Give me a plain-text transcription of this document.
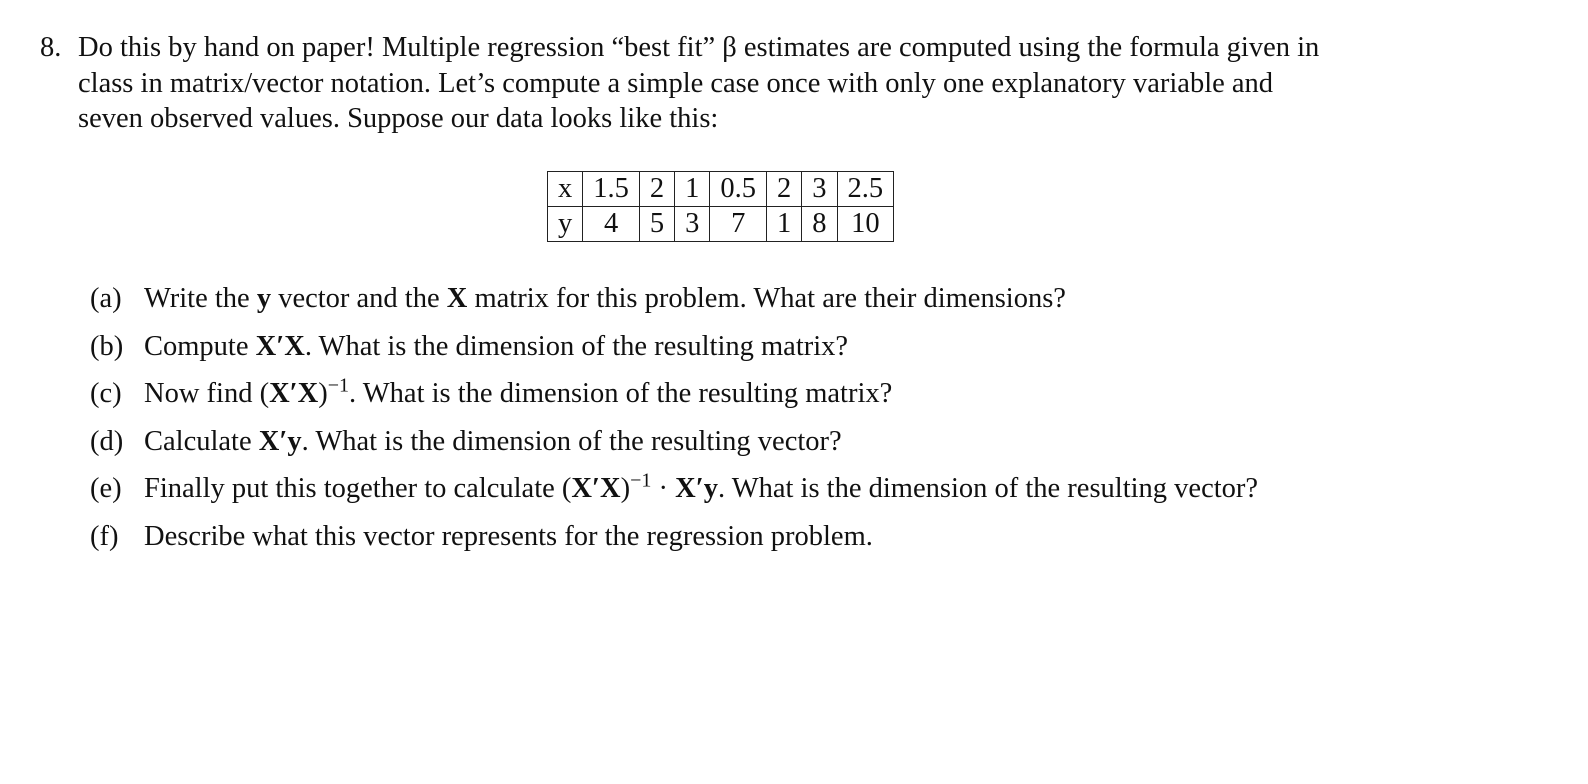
8. Do this by hand on paper! Multiple regression “best fit” β estimates are computed using the formula given in
class in matrix/vector notation. Let’s compute a simple case once with only one explanatory variable and
seven observed values. Suppose our data looks like this:
x	1.5	2	1	0.5	2	3	2.5
y	4	5	3	7	1	8	10
(a) Write the y vector and the X matrix for this problem. What are their dimensions?
(b) Compute X′X. What is the dimension of the resulting matrix?
(c) Now find $(X'X)^{-1}$. What is the dimension of the resulting matrix?
(d) Calculate X′y. What is the dimension of the resulting vector?
(e) Finally put this together to calculate $(X'X)^{-1} \cdot X'y$. What is the dimension of the resulting vector?
(f) Describe what this vector represents for the regression problem.
